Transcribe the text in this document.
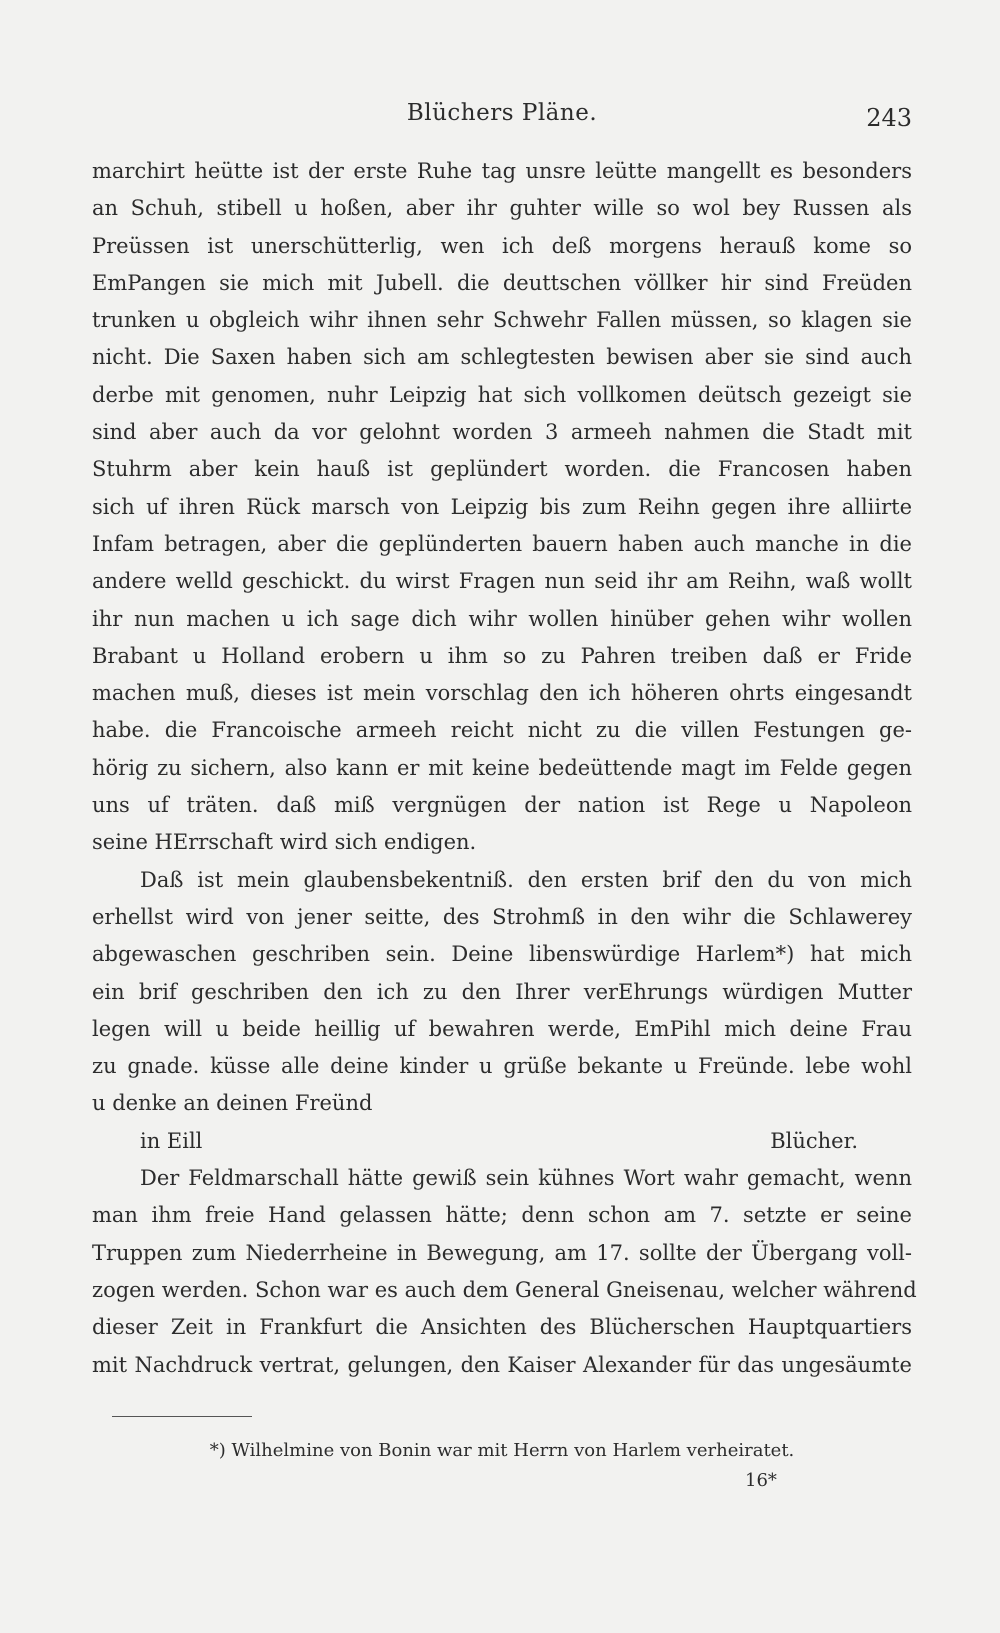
Blüchers Pläne.	243
marchirt heütte ist der erste Ruhe tag unsre leütte mangellt es besonders
an Schuh, stibell u hoßen, aber ihr guhter wille so wol bey Russen als
Preüssen ist unerschütterlig, wen ich deß morgens herauß kome so
EmPangen sie mich mit Jubell. die deuttschen völlker hir sind Freüden
trunken u obgleich wihr ihnen sehr Schwehr Fallen müssen, so klagen sie
nicht. Die Saxen haben sich am schlegtesten bewisen aber sie sind auch
derbe mit genomen, nuhr Leipzig hat sich vollkomen deütsch gezeigt sie
sind aber auch da vor gelohnt worden 3 armeeh nahmen die Stadt mit
Stuhrm aber kein hauß ist geplündert worden. die Francosen haben
sich uf ihren Rück marsch von Leipzig bis zum Reihn gegen ihre alliirte
Infam betragen, aber die geplünderten bauern haben auch manche in die
andere welld geschickt. du wirst Fragen nun seid ihr am Reihn, waß wollt
ihr nun machen u ich sage dich wihr wollen hinüber gehen wihr wollen
Brabant u Holland erobern u ihm so zu Pahren treiben daß er Fride
machen muß, dieses ist mein vorschlag den ich höheren ohrts eingesandt
habe. die Francoische armeeh reicht nicht zu die villen Festungen ge-
hörig zu sichern, also kann er mit keine bedeüttende magt im Felde gegen
uns uf träten. daß miß vergnügen der nation ist Rege u Napoleon
seine HErrschaft wird sich endigen.
Daß ist mein glaubensbekentniß. den ersten brif den du von mich
erhellst wird von jener seitte, des Strohmß in den wihr die Schlawerey
abgewaschen geschriben sein. Deine libenswürdige Harlem*) hat mich
ein brif geschriben den ich zu den Ihrer verEhrungs würdigen Mutter
legen will u beide heillig uf bewahren werde, EmPihl mich deine Frau
zu gnade. küsse alle deine kinder u grüße bekante u Freünde. lebe wohl
u denke an deinen Freünd
in Eill	Blücher.
Der Feldmarschall hätte gewiß sein kühnes Wort wahr gemacht, wenn
man ihm freie Hand gelassen hätte; denn schon am 7. setzte er seine
Truppen zum Niederrheine in Bewegung, am 17. sollte der Übergang voll-
zogen werden. Schon war es auch dem General Gneisenau, welcher während
dieser Zeit in Frankfurt die Ansichten des Blücherschen Hauptquartiers
mit Nachdruck vertrat, gelungen, den Kaiser Alexander für das ungesäumte
*) Wilhelmine von Bonin war mit Herrn von Harlem verheiratet.
16*
